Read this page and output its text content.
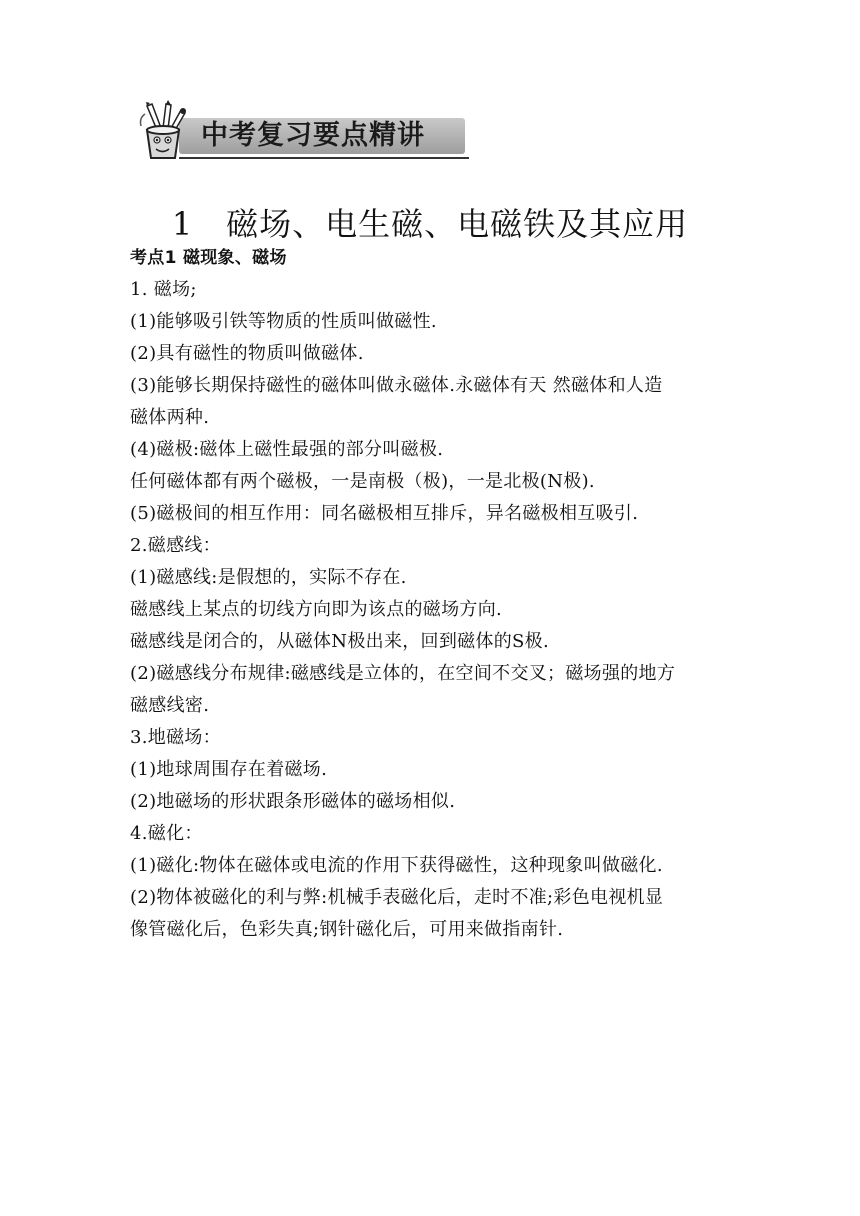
中考复习要点精讲
1　磁场、电生磁、电磁铁及其应用

考点1 磁现象、磁场

1. 磁场;

(1)能够吸引铁等物质的性质叫做磁性.

(2)具有磁性的物质叫做磁体.

(3)能够长期保持磁性的磁体叫做永磁体.永磁体有天 然磁体和人造

磁体两种.

(4)磁极:磁体上磁性最强的部分叫磁极.

任何磁体都有两个磁极，一是南极（极)，一是北极(N极).

(5)磁极间的相互作用：同名磁极相互排斥，异名磁极相互吸引.

2.磁感线：

(1)磁感线:是假想的，实际不存在.

磁感线上某点的切线方向即为该点的磁场方向.

磁感线是闭合的，从磁体N极出来，回到磁体的S极.

(2)磁感线分布规律:磁感线是立体的，在空间不交叉；磁场强的地方

磁感线密.

3.地磁场：

(1)地球周围存在着磁场.

(2)地磁场的形状跟条形磁体的磁场相似.

4.磁化：

(1)磁化:物体在磁体或电流的作用下获得磁性，这种现象叫做磁化.

(2)物体被磁化的利与弊:机械手表磁化后，走时不准;彩色电视机显

像管磁化后，色彩失真;钢针磁化后，可用来做指南针.
